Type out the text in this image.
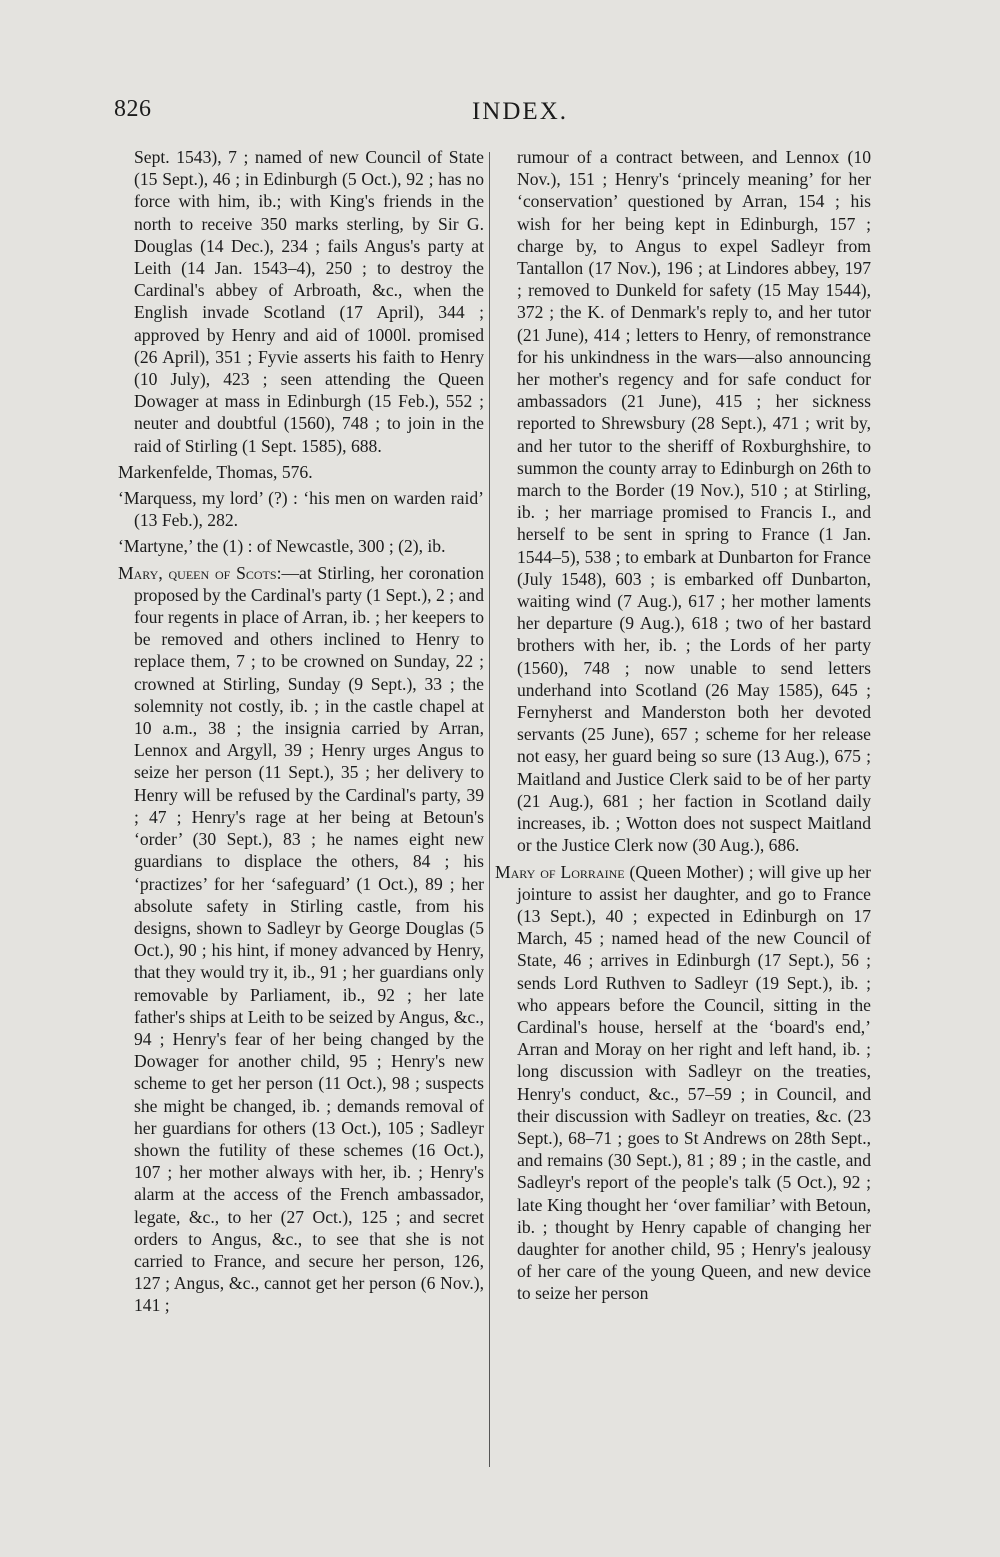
826	INDEX.

Sept. 1543), 7 ; named of new Council of State (15 Sept.), 46 ; in Edinburgh (5 Oct.), 92 ; has no force with him, ib.; with King's friends in the north to receive 350 marks sterling, by Sir G. Douglas (14 Dec.), 234 ; fails Angus's party at Leith (14 Jan. 1543–4), 250 ; to destroy the Cardinal's abbey of Arbroath, &c., when the English invade Scotland (17 April), 344 ; approved by Henry and aid of 1000l. promised (26 April), 351 ; Fyvie asserts his faith to Henry (10 July), 423 ; seen attending the Queen Dowager at mass in Edinburgh (15 Feb.), 552 ; neuter and doubtful (1560), 748 ; to join in the raid of Stirling (1 Sept. 1585), 688.

Markenfelde, Thomas, 576.

‘Marquess, my lord’ (?) : ‘his men on warden raid’ (13 Feb.), 282.

‘Martyne,’ the (1) : of Newcastle, 300 ; (2), ib.

Mary, queen of Scots:—at Stirling, her coronation proposed by the Cardinal's party (1 Sept.), 2 ; and four regents in place of Arran, ib. ; her keepers to be removed and others inclined to Henry to replace them, 7 ; to be crowned on Sunday, 22 ; crowned at Stirling, Sunday (9 Sept.), 33 ; the solemnity not costly, ib. ; in the castle chapel at 10 a.m., 38 ; the insignia carried by Arran, Lennox and Argyll, 39 ; Henry urges Angus to seize her person (11 Sept.), 35 ; her delivery to Henry will be refused by the Cardinal's party, 39 ; 47 ; Henry's rage at her being at Betoun's ‘order’ (30 Sept.), 83 ; he names eight new guardians to displace the others, 84 ; his ‘practizes’ for her ‘safeguard’ (1 Oct.), 89 ; her absolute safety in Stirling castle, from his designs, shown to Sadleyr by George Douglas (5 Oct.), 90 ; his hint, if money advanced by Henry, that they would try it, ib., 91 ; her guardians only removable by Parliament, ib., 92 ; her late father's ships at Leith to be seized by Angus, &c., 94 ; Henry's fear of her being changed by the Dowager for another child, 95 ; Henry's new scheme to get her person (11 Oct.), 98 ; suspects she might be changed, ib. ; demands removal of her guardians for others (13 Oct.), 105 ; Sadleyr shown the futility of these schemes (16 Oct.), 107 ; her mother always with her, ib. ; Henry's alarm at the access of the French ambassador, legate, &c., to her (27 Oct.), 125 ; and secret orders to Angus, &c., to see that she is not carried to France, and secure her person, 126, 127 ; Angus, &c., cannot get her person (6 Nov.), 141 ;

rumour of a contract between, and Lennox (10 Nov.), 151 ; Henry's ‘princely meaning’ for her ‘conservation’ questioned by Arran, 154 ; his wish for her being kept in Edinburgh, 157 ; charge by, to Angus to expel Sadleyr from Tantallon (17 Nov.), 196 ; at Lindores abbey, 197 ; removed to Dunkeld for safety (15 May 1544), 372 ; the K. of Denmark's reply to, and her tutor (21 June), 414 ; letters to Henry, of remonstrance for his unkindness in the wars—also announcing her mother's regency and for safe conduct for ambassadors (21 June), 415 ; her sickness reported to Shrewsbury (28 Sept.), 471 ; writ by, and her tutor to the sheriff of Roxburghshire, to summon the county array to Edinburgh on 26th to march to the Border (19 Nov.), 510 ; at Stirling, ib. ; her marriage promised to Francis I., and herself to be sent in spring to France (1 Jan. 1544–5), 538 ; to embark at Dunbarton for France (July 1548), 603 ; is embarked off Dunbarton, waiting wind (7 Aug.), 617 ; her mother laments her departure (9 Aug.), 618 ; two of her bastard brothers with her, ib. ; the Lords of her party (1560), 748 ; now unable to send letters underhand into Scotland (26 May 1585), 645 ; Fernyherst and Manderston both her devoted servants (25 June), 657 ; scheme for her release not easy, her guard being so sure (13 Aug.), 675 ; Maitland and Justice Clerk said to be of her party (21 Aug.), 681 ; her faction in Scotland daily increases, ib. ; Wotton does not suspect Maitland or the Justice Clerk now (30 Aug.), 686.

Mary of Lorraine (Queen Mother) ; will give up her jointure to assist her daughter, and go to France (13 Sept.), 40 ; expected in Edinburgh on 17 March, 45 ; named head of the new Council of State, 46 ; arrives in Edinburgh (17 Sept.), 56 ; sends Lord Ruthven to Sadleyr (19 Sept.), ib. ; who appears before the Council, sitting in the Cardinal's house, herself at the ‘board's end,’ Arran and Moray on her right and left hand, ib. ; long discussion with Sadleyr on the treaties, Henry's conduct, &c., 57–59 ; in Council, and their discussion with Sadleyr on treaties, &c. (23 Sept.), 68–71 ; goes to St Andrews on 28th Sept., and remains (30 Sept.), 81 ; 89 ; in the castle, and Sadleyr's report of the people's talk (5 Oct.), 92 ; late King thought her ‘over familiar’ with Betoun, ib. ; thought by Henry capable of changing her daughter for another child, 95 ; Henry's jealousy of her care of the young Queen, and new device to seize her person
